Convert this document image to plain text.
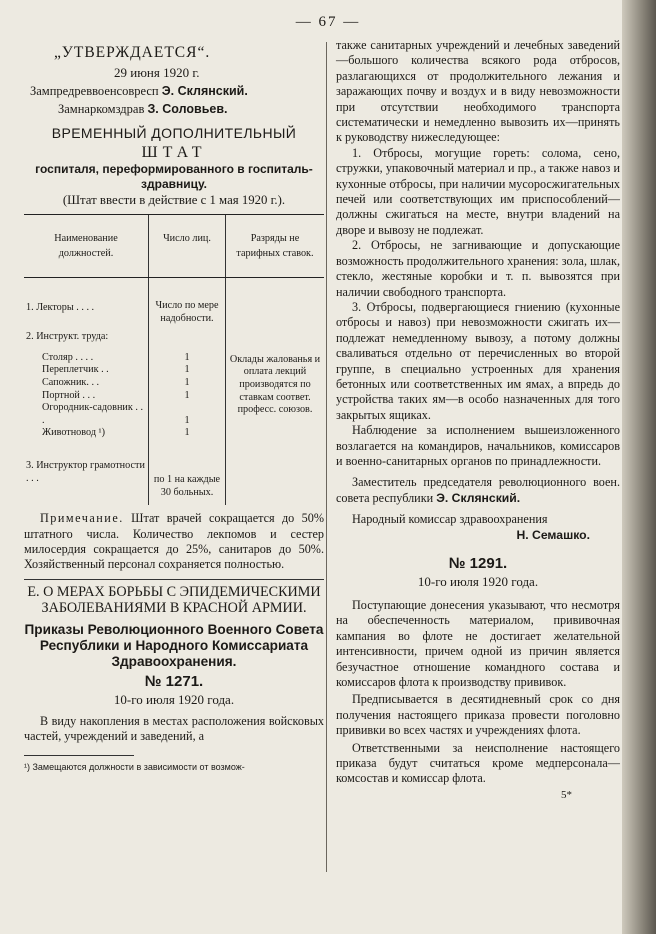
— 67 —
„УТВЕРЖДАЕТСЯ“.
29 июня 1920 г.
Зампредреввоенсовресп Э. Склянский.
Замнаркомздрав З. Соловьев.
ВРЕМЕННЫЙ ДОПОЛНИТЕЛЬНЫЙ
ШТАТ
госпиталя, переформированного в госпиталь-здравницу.
(Штат ввести в действие с 1 мая 1920 г.).
Наименование должностей.	Число лиц.	Разряды не тарифных ставок.
1. Лекторы . . . .	Число по мере надобности.	
2. Инструкт. труда:		
Столяр . . . .	1	Оклады жалованья и оплата лекций производятся по ставкам соответ. професс. союзов.
Переплетчик . .	1	
Сапожник. . .	1	
Портной . . .	1	
Огородник-садовник . . .	1	
Животновод ¹)	1	
3. Инструктор грамотности . . .	по 1 на каждые 30 больных.	

Примечание. Штат врачей сокращается до 50% штатного числа. Количество лекпомов и сестер милосердия сокращается до 25%, санитаров до 50%. Хозяйственный персонал сохраняется полностью.

Е. О МЕРАХ БОРЬБЫ С ЭПИДЕМИЧЕСКИМИ ЗАБОЛЕВАНИЯМИ В КРАСНОЙ АРМИИ.
Приказы Революционного Военного Совета Республики и Народного Комиссариата Здравоохранения.
№ 1271.
10-го июля 1920 года.

В виду накопления в местах расположения войсковых частей, учреждений и заведений, а

¹) Замещаются должности в зависимости от возмож-

также санитарных учреждений и лечебных заведений—большого количества всякого рода отбросов, разлагающихся от продолжительного лежания и заражающих почву и воздух и в виду невозможности при отсутствии необходимого транспорта систематически и немедленно вывозить их—принять к руководству нижеследующее:

1. Отбросы, могущие гореть: солома, сено, стружки, упаковочный материал и пр., а также навоз и кухонные отбросы, при наличии мусоросжигательных печей или соответствующих им приспособлений—должны сжигаться на месте, внутри владений на дворе и вывозу не подлежат.

2. Отбросы, не загнивающие и допускающие возможность продолжительного хранения: зола, шлак, стекло, жестяные коробки и т. п. вывозятся при наличии свободного транспорта.

3. Отбросы, подвергающиеся гниению (кухонные отбросы и навоз) при невозможности сжигать их—подлежат немедленному вывозу, а потому должны сваливаться отдельно от перечисленных во второй группе, в специально устроенных для хранения бетонных или соответственных им ямах, а впредь до устройства таких ям—в особо назначенных для того закрытых ящиках.

Наблюдение за исполнением вышеизложенного возлагается на командиров, начальников, комиссаров и военно-санитарных органов по принадлежности.

Заместитель председателя революционного воен. совета республики Э. Склянский.

Народный комиссар здравоохранения

Н. Семашко.

№ 1291.
10-го июля 1920 года.

Поступающие донесения указывают, что несмотря на обеспеченность материалом, прививочная кампания во флоте не достигает желательной интенсивности, причем одной из причин является безучастное отношение командного состава и комиссаров флота к производству прививок.

Предписывается в десятидневный срок со дня получения настоящего приказа провести поголовно прививки во всех частях и учреждениях флота.

Ответственными за неисполнение настоящего приказа будут считаться кроме медперсонала—комсостав и комиссар флота.

5*
